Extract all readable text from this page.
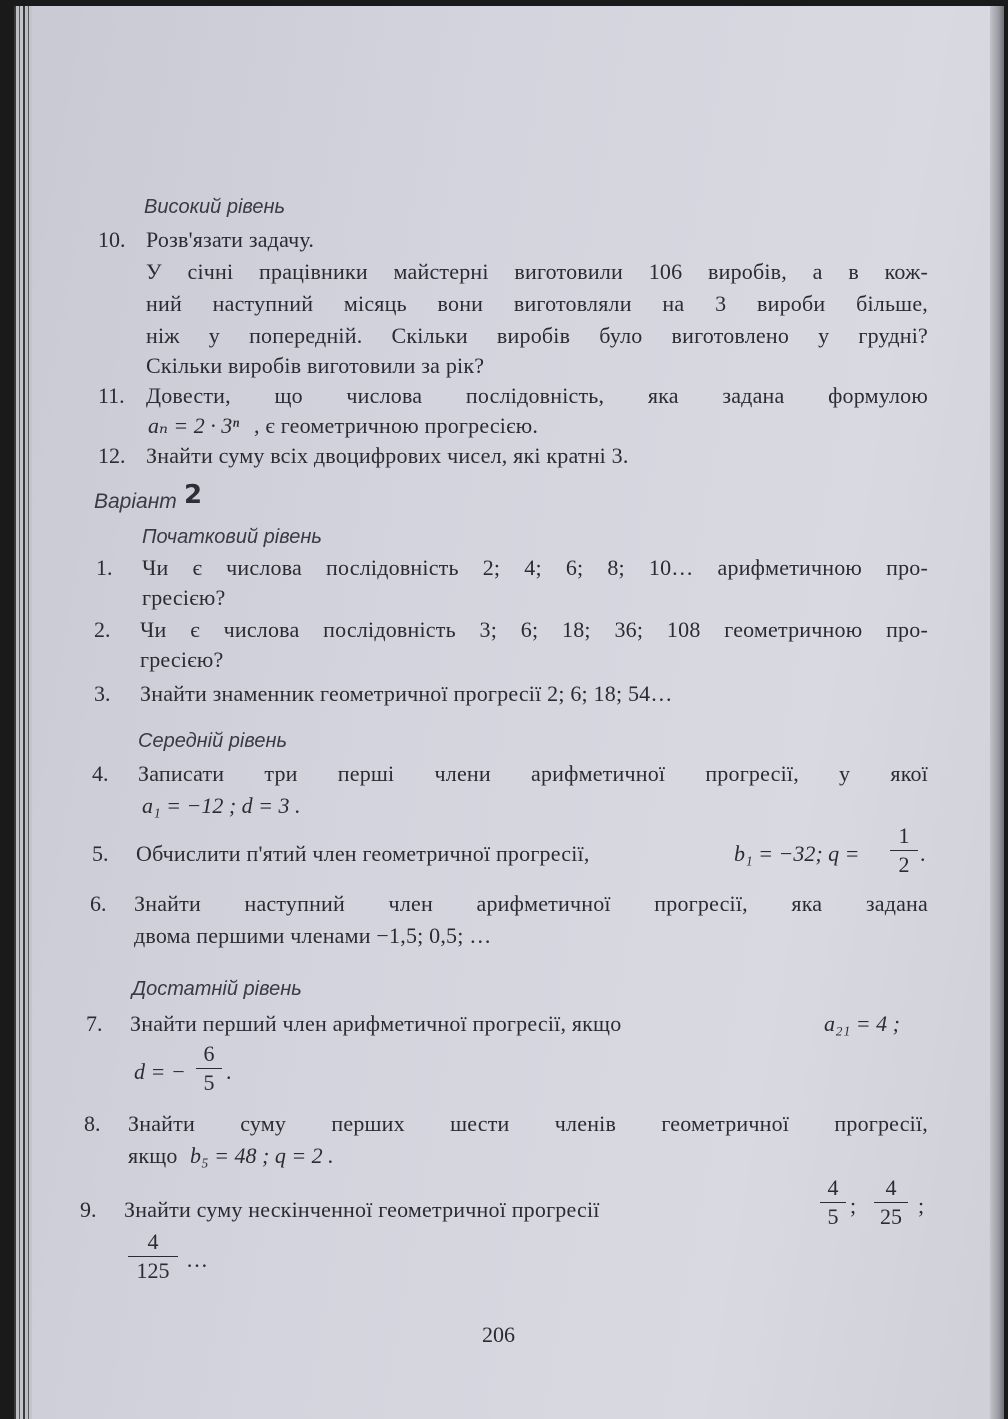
Високий рівень
10. Розв'язати задачу.
У січні працівники майстерні виготовили 106 виробів, а в кож-
ний наступний місяць вони виготовляли на 3 вироби більше,
ніж у попередній. Скільки виробів було виготовлено у грудні?
Скільки виробів виготовили за рік?
11. Довести, що числова послідовність, яка задана формулою
aₙ = 2 · 3ⁿ , є геометричною прогресією.
12. Знайти суму всіх двоцифрових чисел, які кратні 3.
Варіант 2
Початковий рівень
1. Чи є числова послідовність 2; 4; 6; 8; 10… арифметичною про-
гресією?
2. Чи є числова послідовність 3; 6; 18; 36; 108 геометричною про-
гресією?
3. Знайти знаменник геометричної прогресії 2; 6; 18; 54…
Середній рівень
4. Записати три перші члени арифметичної прогресії, у якої
a₁ = −12 ; d = 3 .
5. Обчислити п'ятий член геометричної прогресії,	b₁ = −32; q =
1
2 .
6. Знайти наступний член арифметичної прогресії, яка задана
двома першими членами −1,5; 0,5; …
Достатній рівень
7. Знайти перший член арифметичної прогресії, якщо	a₂₁ = 4 ;
d = −
6
5 .
8. Знайти суму перших шести членів геометричної прогресії,
якщо b₅ = 48 ; q = 2 .
9. Знайти суму нескінченної геометричної прогресії
4
5 ;
4
25 ;
4
125 …
206
